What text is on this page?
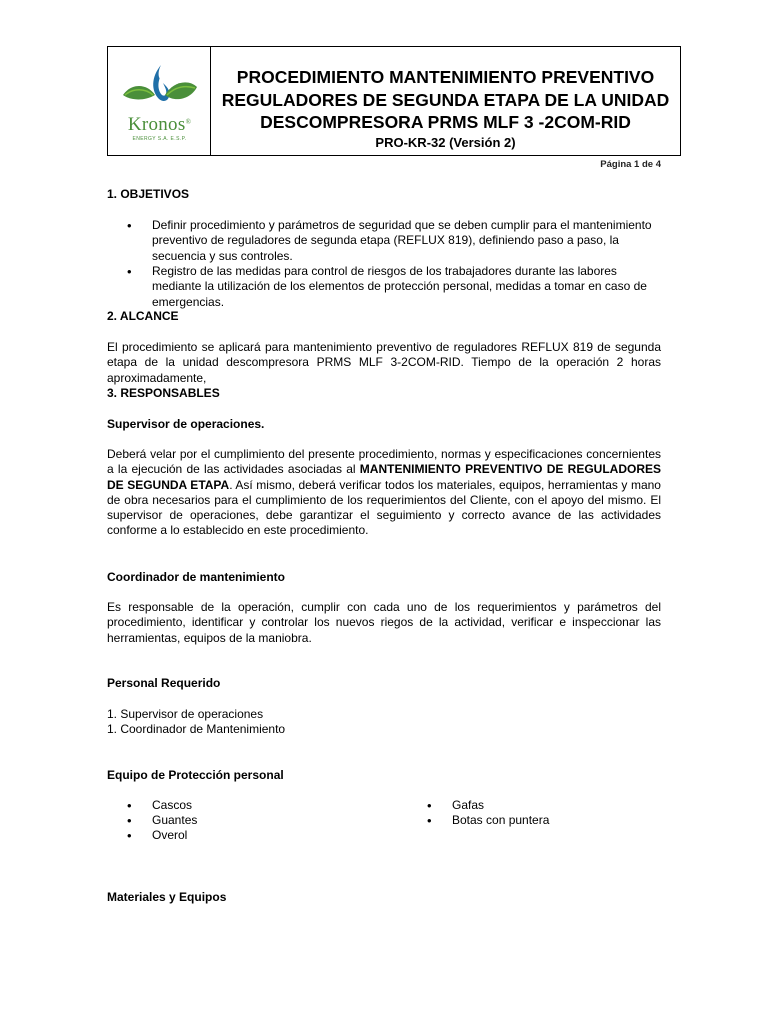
Kronos®
ENERGY S.A. E.S.P.
PROCEDIMIENTO MANTENIMIENTO PREVENTIVO
REGULADORES DE SEGUNDA ETAPA DE LA UNIDAD
DESCOMPRESORA PRMS MLF 3 -2COM-RID
PRO-KR-32 (Versión 2)
Página 1 de 4
1. OBJETIVOS
• Definir procedimiento y parámetros de seguridad que se deben cumplir para el mantenimiento preventivo de reguladores de segunda etapa (REFLUX 819), definiendo paso a paso, la secuencia y sus controles.
• Registro de las medidas para control de riesgos de los trabajadores durante las labores mediante la utilización de los elementos de protección personal, medidas a tomar en caso de emergencias.
2. ALCANCE
El procedimiento se aplicará para mantenimiento preventivo de reguladores REFLUX 819 de segunda etapa de la unidad descompresora PRMS MLF 3-2COM-RID. Tiempo de la operación 2 horas aproximadamente,
3. RESPONSABLES
Supervisor de operaciones.
Deberá velar por el cumplimiento del presente procedimiento, normas y especificaciones concernientes a la ejecución de las actividades asociadas al MANTENIMIENTO PREVENTIVO DE REGULADORES DE SEGUNDA ETAPA. Así mismo, deberá verificar todos los materiales, equipos, herramientas y mano de obra necesarios para el cumplimiento de los requerimientos del Cliente, con el apoyo del mismo. El supervisor de operaciones, debe garantizar el seguimiento y correcto avance de las actividades conforme a lo establecido en este procedimiento.
Coordinador de mantenimiento
Es responsable de la operación, cumplir con cada uno de los requerimientos y parámetros del procedimiento, identificar y controlar los nuevos riegos de la actividad, verificar e inspeccionar las herramientas, equipos de la maniobra.
Personal Requerido
1. Supervisor de operaciones
1. Coordinador de Mantenimiento
Equipo de Protección personal
• Cascos
• Guantes
• Overol
• Gafas
• Botas con puntera
Materiales y Equipos
